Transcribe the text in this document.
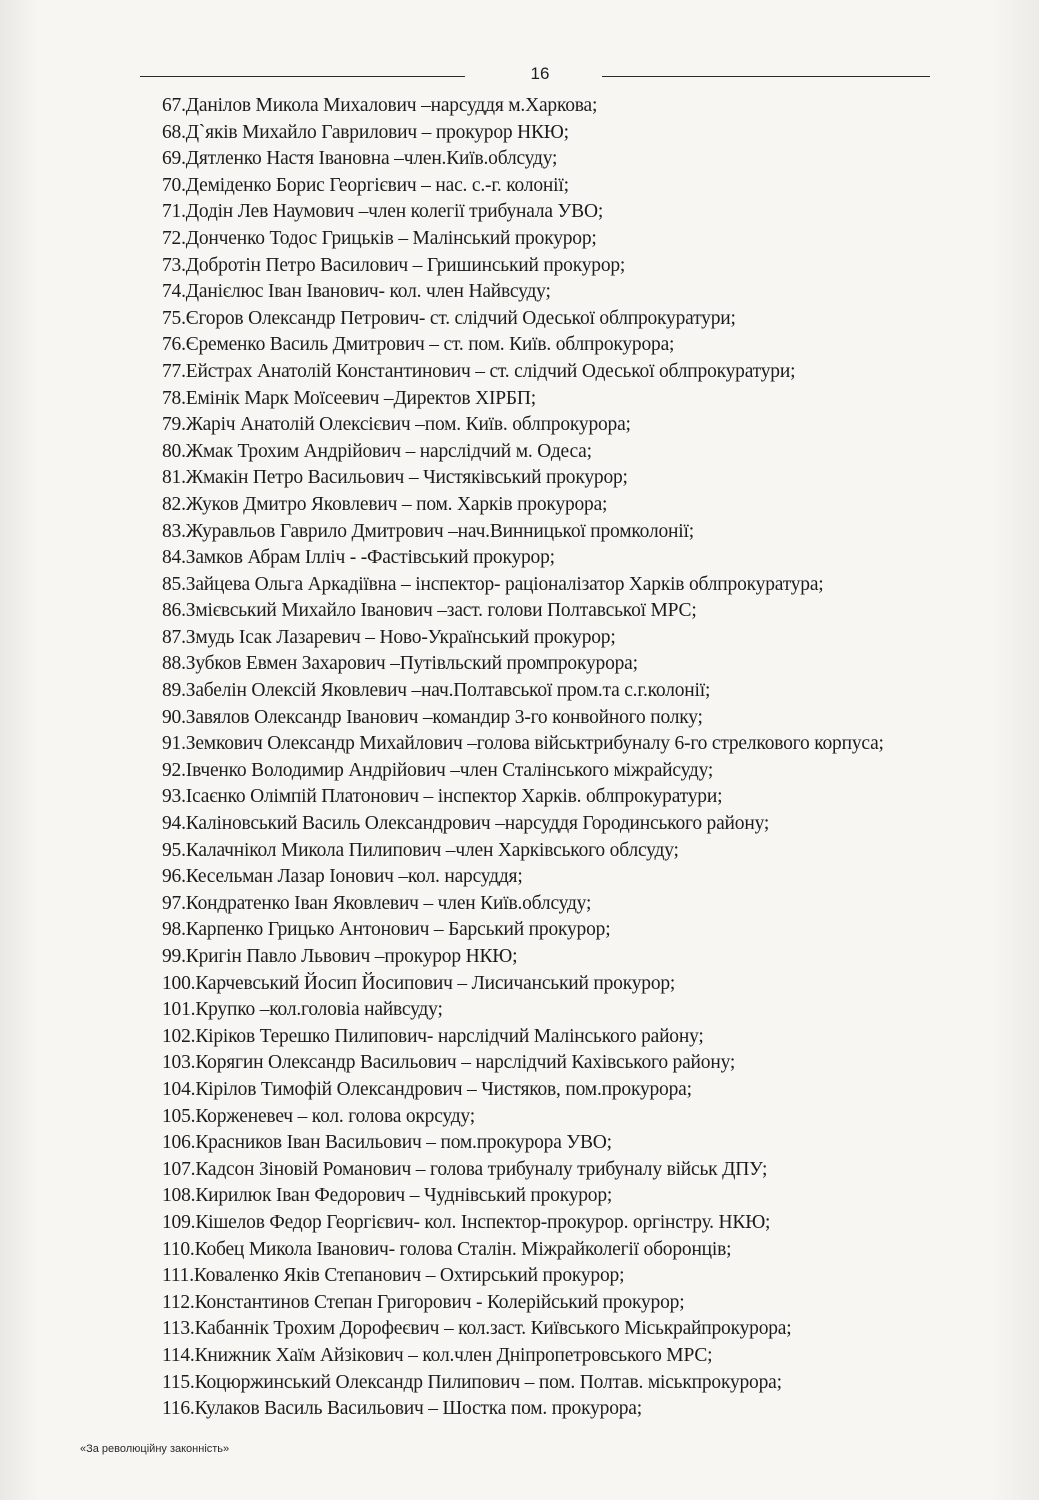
16
67. Данілов Микола Михалович –нарсуддя м.Харкова;
68. Д`яків Михайло Гаврилович – прокурор НКЮ;
69. Дятленко Настя Івановна –член.Київ.облсуду;
70. Деміденко Борис Георгієвич – нас. с.-г. колонії;
71. Додін Лев Наумович –член колегії трибунала УВО;
72. Донченко Тодос Грицьків – Малінський прокурор;
73. Добротін Петро Василович – Гришинський прокурор;
74. Данієлюс Іван Іванович- кол. член Найвсуду;
75. Єгоров Олександр Петрович- ст. слідчий Одеської облпрокуратури;
76. Єременко Василь Дмитрович – ст. пом. Київ. облпрокурора;
77. Ейстрах Анатолій Константинович – ст. слідчий Одеської облпрокуратури;
78. Емінік Марк Моїсеевич –Директов ХІРБП;
79. Жаріч Анатолій Олексієвич –пом. Київ. облпрокурора;
80. Жмак Трохим Андрійович – нарслідчий м. Одеса;
81. Жмакін Петро Васильович – Чистяківський прокурор;
82. Жуков Дмитро Яковлевич – пом. Харків прокурора;
83. Журавльов Гаврило Дмитрович –нач.Винницької промколонії;
84. Замков Абрам Ілліч - -Фастівський прокурор;
85. Зайцева Ольга Аркадіївна – інспектор- раціоналізатор Харків облпрокуратура;
86. Змієвський Михайло Іванович –заст. голови Полтавської МРС;
87. Змудь Ісак Лазаревич – Ново-Український прокурор;
88. Зубков Евмен Захарович –Путівльский промпрокурора;
89. Забелін Олексій Яковлевич –нач.Полтавської пром.та с.г.колонії;
90. Завялов Олександр Іванович –командир 3-го конвойного полку;
91. Земкович Олександр Михайлович –голова військтрибуналу 6-го стрелкового корпуса;
92. Івченко Володимир Андрійович –член Сталінського міжрайсуду;
93. Ісаєнко Олімпій Платонович – інспектор Харків. облпрокуратури;
94. Каліновський Василь Олександрович –нарсуддя Городинського району;
95. Калачнікол Микола Пилипович –член Харківського облсуду;
96. Кесельман Лазар Іонович –кол. нарсуддя;
97. Кондратенко Іван Яковлевич – член Київ.облсуду;
98. Карпенко Грицько Антонович – Барський прокурор;
99. Кригін Павло Львович –прокурор НКЮ;
100. Карчевський Йосип Йосипович – Лисичанський прокурор;
101. Крупко –кол.головіа найвсуду;
102. Кіріков Терешко Пилипович- нарслідчий Малінського району;
103. Корягин Олександр Васильович – нарслідчий Кахівського району;
104. Кірілов Тимофій Олександрович – Чистяков, пом.прокурора;
105. Корженевеч – кол. голова окрсуду;
106. Красников Іван Васильович – пом.прокурора УВО;
107. Кадсон Зіновій Романович – голова трибуналу трибуналу військ ДПУ;
108. Кирилюк Іван Федорович – Чуднівський прокурор;
109. Кішелов Федор Георгієвич- кол. Інспектор-прокурор. оргінстру. НКЮ;
110. Кобец Микола Іванович- голова Сталін. Міжрайколегії оборонців;
111. Коваленко Яків Степанович – Охтирський прокурор;
112. Константинов Степан Григорович - Колерійський прокурор;
113. Кабаннік Трохим Дорофеєвич – кол.заст. Київського Міськрайпрокурора;
114. Книжник Хаїм Айзікович – кол.член Дніпропетровського МРС;
115. Коцюржинський Олександр Пилипович – пом. Полтав. міськпрокурора;
116. Кулаков Василь Васильович – Шостка пом. прокурора;
«За революційну законність»
